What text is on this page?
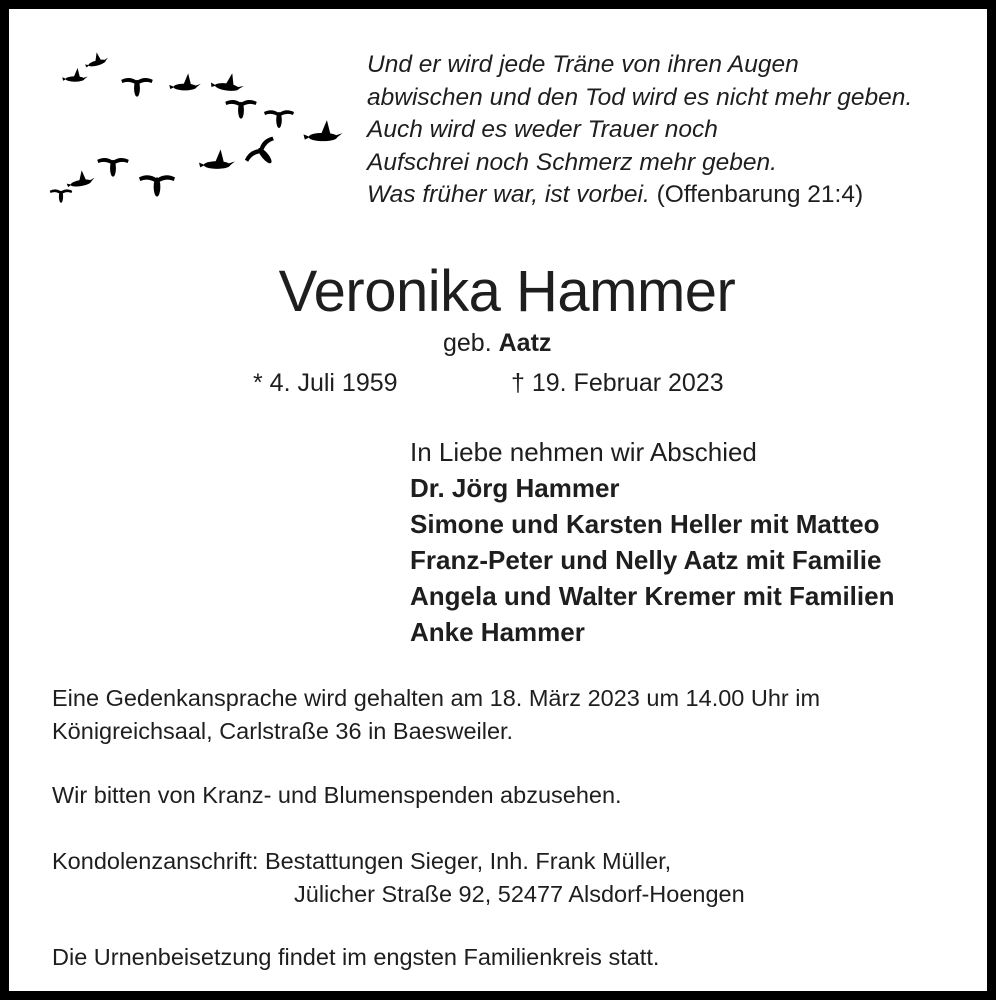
Und er wird jede Träne von ihren Augen
abwischen und den Tod wird es nicht mehr geben.
Auch wird es weder Trauer noch
Aufschrei noch Schmerz mehr geben.
Was früher war, ist vorbei. (Offenbarung 21:4)
Veronika Hammer
geb. Aatz
* 4. Juli 1959	† 19. Februar 2023
In Liebe nehmen wir Abschied
Dr. Jörg Hammer
Simone und Karsten Heller mit Matteo
Franz-Peter und Nelly Aatz mit Familie
Angela und Walter Kremer mit Familien
Anke Hammer
Eine Gedenkansprache wird gehalten am 18. März 2023 um 14.00 Uhr im
Königreichsaal, Carlstraße 36 in Baesweiler.
Wir bitten von Kranz- und Blumenspenden abzusehen.
Kondolenzanschrift: Bestattungen Sieger, Inh. Frank Müller,
Jülicher Straße 92, 52477 Alsdorf-Hoengen
Die Urnenbeisetzung findet im engsten Familienkreis statt.
